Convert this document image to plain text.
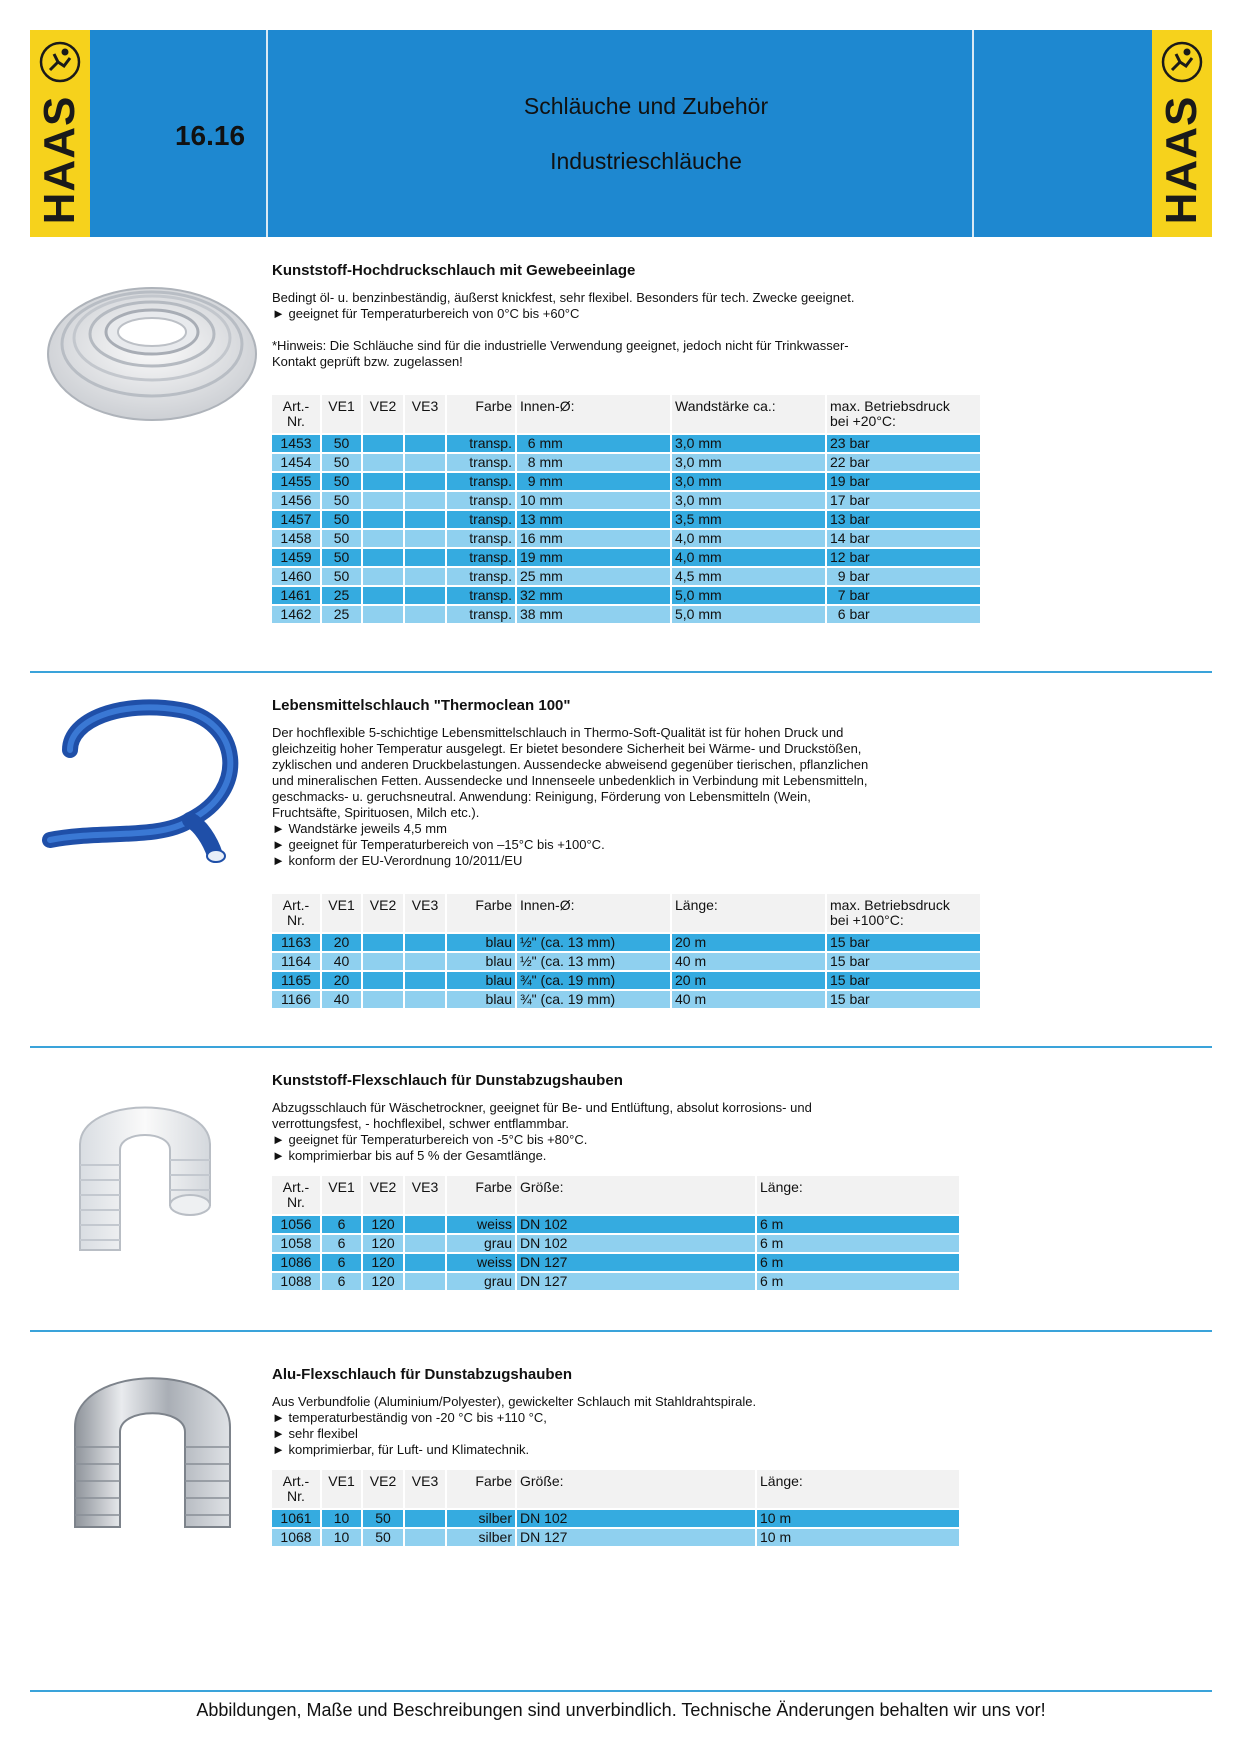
HAAS	16.16
Schläuche und Zubehör
Industrieschläuche	HAAS
Kunststoff-Hochdruckschlauch mit Gewebeeinlage

Bedingt öl- u. benzinbeständig, äußerst knickfest, sehr flexibel. Besonders für tech. Zwecke geeignet.

► geeignet für Temperaturbereich von 0°C bis +60°C

*Hinweis: Die Schläuche sind für die industrielle Verwendung geeignet, jedoch nicht für Trinkwasser-

Kontakt geprüft bzw. zugelassen!

Art.-
Nr.	VE1	VE2	VE3	Farbe	Innen-Ø:	Wandstärke ca.:	max. Betriebsdruck
bei +20°C:
1453	50			transp.	6 mm	3,0 mm	23 bar
1454	50			transp.	8 mm	3,0 mm	22 bar
1455	50			transp.	9 mm	3,0 mm	19 bar
1456	50			transp.	10 mm	3,0 mm	17 bar
1457	50			transp.	13 mm	3,5 mm	13 bar
1458	50			transp.	16 mm	4,0 mm	14 bar
1459	50			transp.	19 mm	4,0 mm	12 bar
1460	50			transp.	25 mm	4,5 mm	9 bar
1461	25			transp.	32 mm	5,0 mm	7 bar
1462	25			transp.	38 mm	5,0 mm	6 bar
Lebensmittelschlauch "Thermoclean 100"

Der hochflexible 5-schichtige Lebensmittelschlauch in Thermo-Soft-Qualität ist für hohen Druck und

gleichzeitig hoher Temperatur ausgelegt. Er bietet besondere Sicherheit bei Wärme- und Druckstößen,

zyklischen und anderen Druckbelastungen. Aussendecke abweisend gegenüber tierischen, pflanzlichen

und mineralischen Fetten. Aussendecke und Innenseele unbedenklich in Verbindung mit Lebensmitteln,

geschmacks- u. geruchsneutral. Anwendung: Reinigung, Förderung von Lebensmitteln (Wein,

Fruchtsäfte, Spirituosen, Milch etc.).

► Wandstärke jeweils 4,5 mm

► geeignet für Temperaturbereich von –15°C bis +100°C.

► konform der EU-Verordnung 10/2011/EU

Art.-
Nr.	VE1	VE2	VE3	Farbe	Innen-Ø:	Länge:	max. Betriebsdruck
bei +100°C:
1163	20			blau	½" (ca. 13 mm)	20 m	15 bar
1164	40			blau	½" (ca. 13 mm)	40 m	15 bar
1165	20			blau	¾" (ca. 19 mm)	20 m	15 bar
1166	40			blau	¾" (ca. 19 mm)	40 m	15 bar
Kunststoff-Flexschlauch für Dunstabzugshauben

Abzugsschlauch für Wäschetrockner, geeignet für Be- und Entlüftung, absolut korrosions- und

verrottungsfest, - hochflexibel, schwer entflammbar.

► geeignet für Temperaturbereich von -5°C bis +80°C.

► komprimierbar bis auf 5 % der Gesamtlänge.

Art.-
Nr.	VE1	VE2	VE3	Farbe	Größe:	Länge:
1056	6	120		weiss	DN 102	6 m
1058	6	120		grau	DN 102	6 m
1086	6	120		weiss	DN 127	6 m
1088	6	120		grau	DN 127	6 m
Alu-Flexschlauch für Dunstabzugshauben

Aus Verbundfolie (Aluminium/Polyester), gewickelter Schlauch mit Stahldrahtspirale.

► temperaturbeständig von -20 °C bis +110 °C,

► sehr flexibel

► komprimierbar, für Luft- und Klimatechnik.

Art.-
Nr.	VE1	VE2	VE3	Farbe	Größe:	Länge:
1061	10	50		silber	DN 102	10 m
1068	10	50		silber	DN 127	10 m
Abbildungen, Maße und Beschreibungen sind unverbindlich. Technische Änderungen behalten wir uns vor!
